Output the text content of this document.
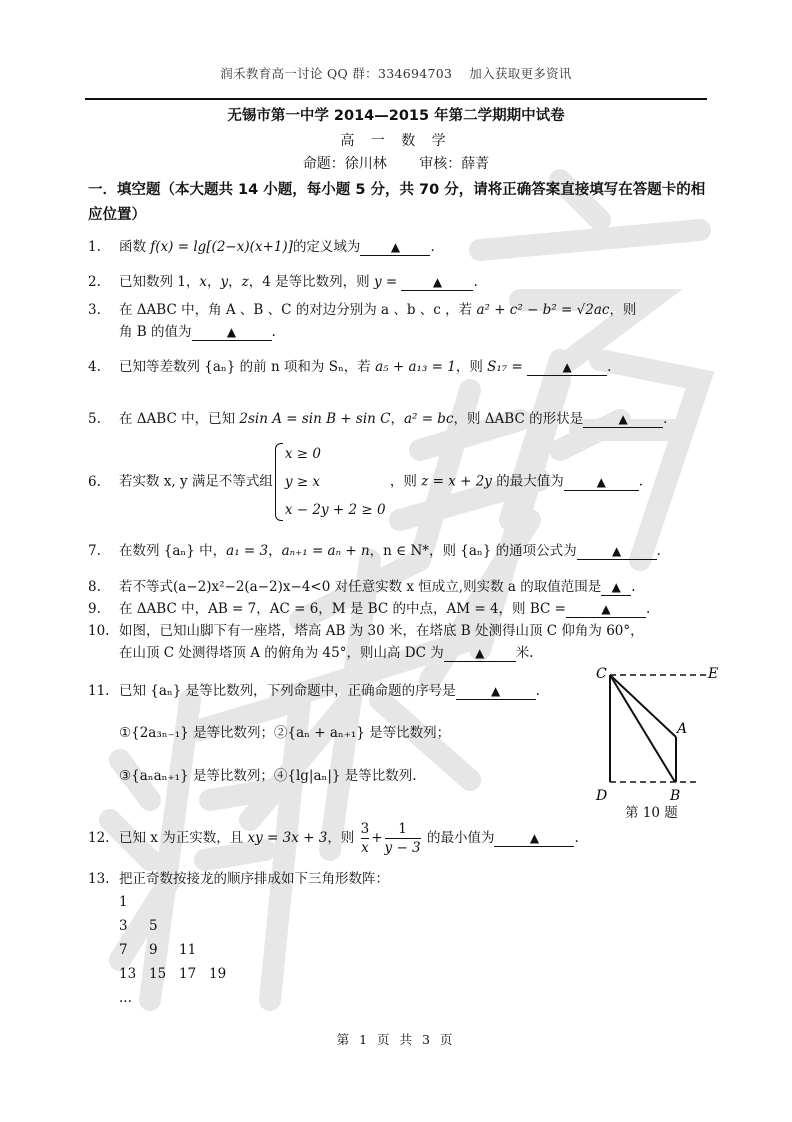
润禾教育高一讨论 QQ 群：334694703　 加入获取更多资讯
无锡市第一中学 2014—2015 年第二学期期中试卷
高 一 数 学
命题：徐川林 审核：薛菁
一．填空题（本大题共 14 小题，每小题 5 分，共 70 分，请将正确答案直接填写在答题卡的相应位置）
1. 函数 f(x) = lg[(2−x)(x+1)]的定义域为	▲ .
2. 已知数列 1，x，y，z，4 是等比数列，则 y =	▲ .
3. 在 ΔABC 中，角 A 、B 、C 的对边分别为 a 、b 、c ，若 a² + c² − b² = √2ac，则
角 B 的值为	▲	.
4. 已知等差数列 {aₙ} 的前 n 项和为 Sₙ，若 a₅ + a₁₃ = 1，则 S₁₇ =	▲	.
5. 在 ΔABC 中，已知 2sin A = sin B + sin C，a² = bc，则 ΔABC 的形状是	▲	.
6. 若实数 x, y 满足不等式组
x ≥ 0
y ≥ x
x − 2y + 2 ≥ 0
，则 z = x + 2y 的最大值为	▲ .
7. 在数列 {aₙ} 中，a₁ = 3，aₙ₊₁ = aₙ + n，n ∈ N*，则 {aₙ} 的通项公式为	▲	.
8. 若不等式(a−2)x²−2(a−2)x−4<0 对任意实数 x 恒成立,则实数 a 的取值范围是 ▲ .
9. 在 ΔABC 中，AB = 7，AC = 6，M 是 BC 的中点，AM = 4，则 BC =	▲	.
10. 如图，已知山脚下有一座塔，塔高 AB 为 30 米，在塔底 B 处测得山顶 C 仰角为 60°，
在山顶 C 处测得塔顶 A 的俯角为 45°，则山高 DC 为	▲ 米.
11. 已知 {aₙ} 是等比数列，下列命题中，正确命题的序号是	▲	.
①{2a₃ₙ₋₁} 是等比数列；②{aₙ + aₙ₊₁} 是等比数列；
③{aₙaₙ₊₁} 是等比数列；④{lg|aₙ|} 是等比数列.
C	E
A
D	B
第 10 题
12. 已知 x 为正实数，且 xy = 3x + 3，则 $\frac{3}{x} + \frac{1}{y - 3}$ 的最小值为	▲	.
13. 把正奇数按接龙的顺序排成如下三角形数阵：
1
3 5
7 9 11
13 15 17 19
...
第 1 页 共 3 页
